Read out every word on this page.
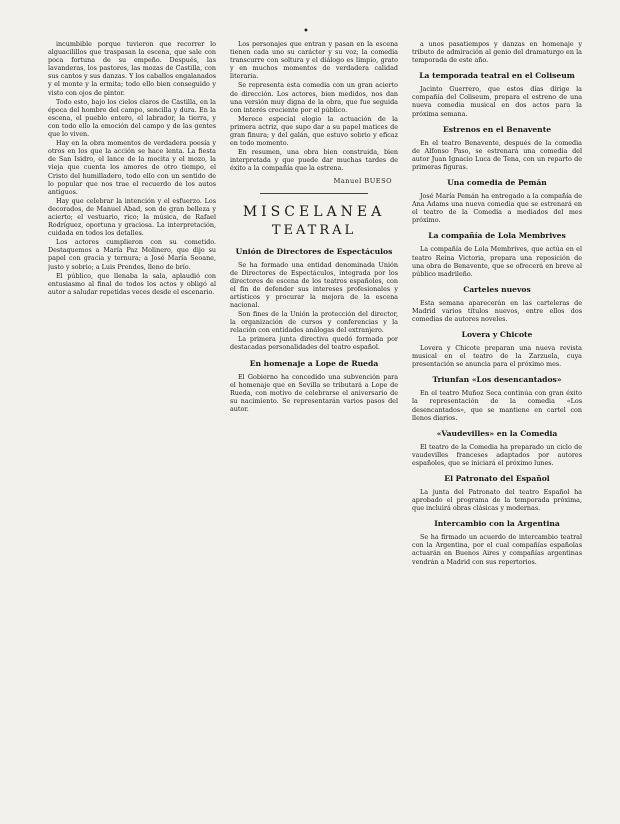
•

incumbible porque tuvieron que recorrer lo alguacilillos que traspasan la escena, que sale con poca fortuna de su empeño. Después, las lavanderas, los pastores, las mozas de Castilla, con sus cantos y sus danzas. Y los caballos engalanados y el monte y la ermita; todo ello bien conseguido y visto con ojos de pintor.

Todo esto, bajo los cielos claros de Castilla, en la época del hombre del campo, sencilla y dura. En la escena, el pueblo entero, el labrador, la tierra, y con todo ello la emoción del campo y de las gentes que lo viven.

Hay en la obra momentos de verdadera poesía y otros en los que la acción se hace lenta. La fiesta de San Isidro, el lance de la mocita y el mozo, la vieja que cuenta los amores de otro tiempo, el Cristo del humilladero, todo ello con un sentido de lo popular que nos trae el recuerdo de los autos antiguos.

Hay que celebrar la intención y el esfuerzo. Los decorados, de Manuel Abad, son de gran belleza y acierto; el vestuario, rico; la música, de Rafael Rodríguez, oportuna y graciosa. La interpretación, cuidada en todos los detalles.

Los actores cumplieron con su cometido. Destaquemos a María Paz Molinero, que dijo su papel con gracia y ternura; a José María Seoane, justo y sobrio; a Luis Prendes, lleno de brío.

El público, que llenaba la sala, aplaudió con entusiasmo al final de todos los actos y obligó al autor a saludar repetidas veces desde el escenario.

Los personajes que entran y pasan en la escena tienen cada uno su carácter y su voz; la comedia transcurre con soltura y el diálogo es limpio, grato y en muchos momentos de verdadera calidad literaria.

Se representa esta comedia con un gran acierto de dirección. Los actores, bien medidos, nos dan una versión muy digna de la obra, que fue seguida con interés creciente por el público.

Merece especial elogio la actuación de la primera actriz, que supo dar a su papel matices de gran finura; y del galán, que estuvo sobrio y eficaz en todo momento.

En resumen, una obra bien construida, bien interpretada y que puede dar muchas tardes de éxito a la compañía que la estrena.

Manuel BUESO
MISCELANEA
TEATRAL
Unión de Directores de Espectáculos

Se ha formado una entidad denominada Unión de Directores de Espectáculos, integrada por los directores de escena de los teatros españoles, con el fin de defender sus intereses profesionales y artísticos y procurar la mejora de la escena nacional.

Son fines de la Unión la protección del director, la organización de cursos y conferencias y la relación con entidades análogas del extranjero.

La primera junta directiva quedó formada por destacadas personalidades del teatro español.

En homenaje a Lope de Rueda

El Gobierno ha concedido una subvención para el homenaje que en Sevilla se tributará a Lope de Rueda, con motivo de celebrarse el aniversario de su nacimiento. Se representarán varios pasos del autor.

a unos pasatiempos y danzas en homenaje y tributo de admiración al genio del dramaturgo en la temporada de este año.

La temporada teatral en el Coliseum

Jacinto Guerrero, que estos días dirige la compañía del Coliseum, prepara el estreno de una nueva comedia musical en dos actos para la próxima semana.

Estrenos en el Benavente

En el teatro Benavente, después de la comedia de Alfonso Paso, se estrenará una comedia del autor Juan Ignacio Luca de Tena, con un reparto de primeras figuras.

Una comedia de Pemán

José María Pemán ha entregado a la compañía de Ana Adams una nueva comedia que se estrenará en el teatro de la Comedia a mediados del mes próximo.

La compañía de Lola Membrives

La compañía de Lola Membrives, que actúa en el teatro Reina Victoria, prepara una reposición de una obra de Benavente, que se ofrecerá en breve al público madrileño.

Carteles nuevos

Esta semana aparecerán en las carteleras de Madrid varios títulos nuevos, entre ellos dos comedias de autores noveles.

Lovera y Chicote

Lovera y Chicote preparan una nueva revista musical en el teatro de la Zarzuela, cuya presentación se anuncia para el próximo mes.

Triunfan «Los desencantados»

En el teatro Muñoz Seca continúa con gran éxito la representación de la comedia «Los desencantados», que se mantiene en cartel con llenos diarios.

«Vaudevilles» en la Comedia

El teatro de la Comedia ha preparado un ciclo de vaudevilles franceses adaptados por autores españoles, que se iniciará el próximo lunes.

El Patronato del Español

La junta del Patronato del teatro Español ha aprobado el programa de la temporada próxima, que incluirá obras clásicas y modernas.

Intercambio con la Argentina

Se ha firmado un acuerdo de intercambio teatral con la Argentina, por el cual compañías españolas actuarán en Buenos Aires y compañías argentinas vendrán a Madrid con sus repertorios.
